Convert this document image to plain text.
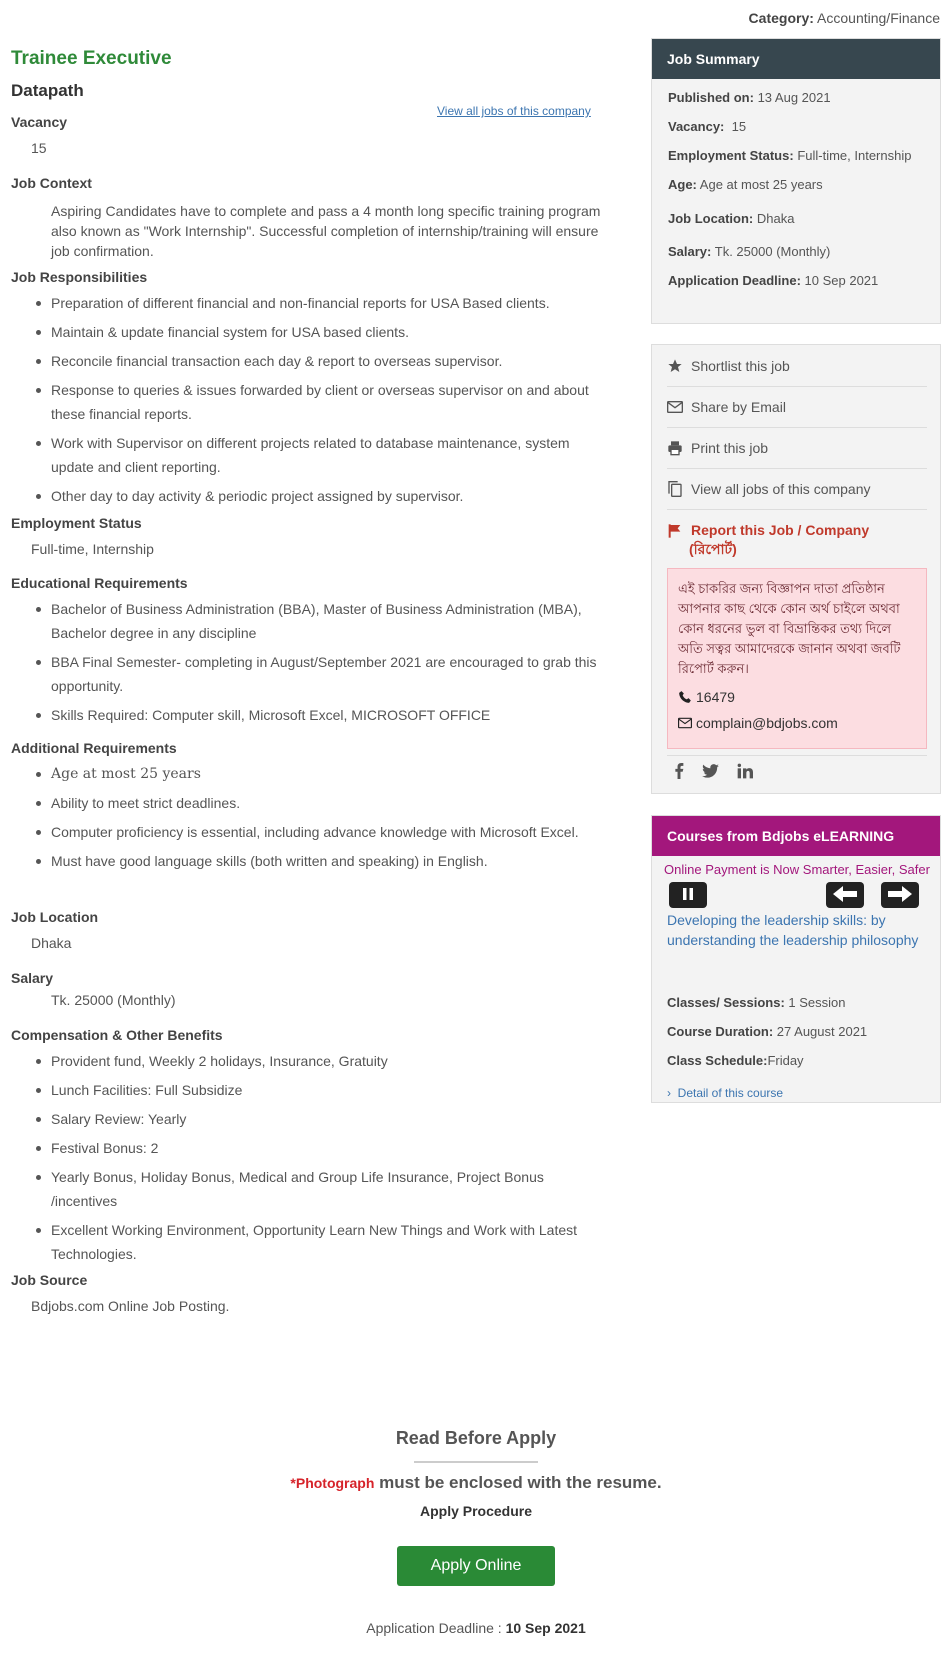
Category: Accounting/Finance
Trainee Executive
Datapath
View all jobs of this company
Vacancy
15
Job Context
Aspiring Candidates have to complete and pass a 4 month long specific training program also known as "Work Internship". Successful completion of internship/training will ensure job confirmation.
Job Responsibilities
Preparation of different financial and non-financial reports for USA Based clients.
Maintain & update financial system for USA based clients.
Reconcile financial transaction each day & report to overseas supervisor.
Response to queries & issues forwarded by client or overseas supervisor on and about these financial reports.
Work with Supervisor on different projects related to database maintenance, system update and client reporting.
Other day to day activity & periodic project assigned by supervisor.
Employment Status
Full-time, Internship
Educational Requirements
Bachelor of Business Administration (BBA), Master of Business Administration (MBA), Bachelor degree in any discipline
BBA Final Semester- completing in August/September 2021 are encouraged to grab this opportunity.
Skills Required: Computer skill, Microsoft Excel, MICROSOFT OFFICE
Additional Requirements
Age at most 25 years
Ability to meet strict deadlines.
Computer proficiency is essential, including advance knowledge with Microsoft Excel.
Must have good language skills (both written and speaking) in English.
Job Location
Dhaka
Salary
Tk. 25000 (Monthly)
Compensation & Other Benefits
Provident fund, Weekly 2 holidays, Insurance, Gratuity
Lunch Facilities: Full Subsidize
Salary Review: Yearly
Festival Bonus: 2
Yearly Bonus, Holiday Bonus, Medical and Group Life Insurance, Project Bonus /incentives
Excellent Working Environment, Opportunity Learn New Things and Work with Latest Technologies.
Job Source
Bdjobs.com Online Job Posting.
Read Before Apply
*Photograph must be enclosed with the resume.
Apply Procedure
Apply Online
Application Deadline : 10 Sep 2021
Job Summary
Published on: 13 Aug 2021
Vacancy: 15
Employment Status: Full-time, Internship
Age: Age at most 25 years
Job Location: Dhaka
Salary: Tk. 25000 (Monthly)
Application Deadline: 10 Sep 2021
Shortlist this job
Share by Email
Print this job
View all jobs of this company
Report this Job / Company
(রিপোর্ট)
এই চাকরির জন্য বিজ্ঞাপন দাতা প্রতিষ্ঠান আপনার কাছ থেকে কোন অর্থ চাইলে অথবা কোন ধরনের ভুল বা বিভ্রান্তিকর তথ্য দিলে অতি সত্বর আমাদেরকে জানান অথবা জবটি রিপোর্ট করুন।
16479
complain@bdjobs.com
Courses from Bdjobs eLEARNING
Online Payment is Now Smarter, Easier, Safer
Developing the leadership skills: by understanding the leadership philosophy
Classes/ Sessions: 1 Session
Course Duration: 27 August 2021
Class Schedule:Friday
› Detail of this course
